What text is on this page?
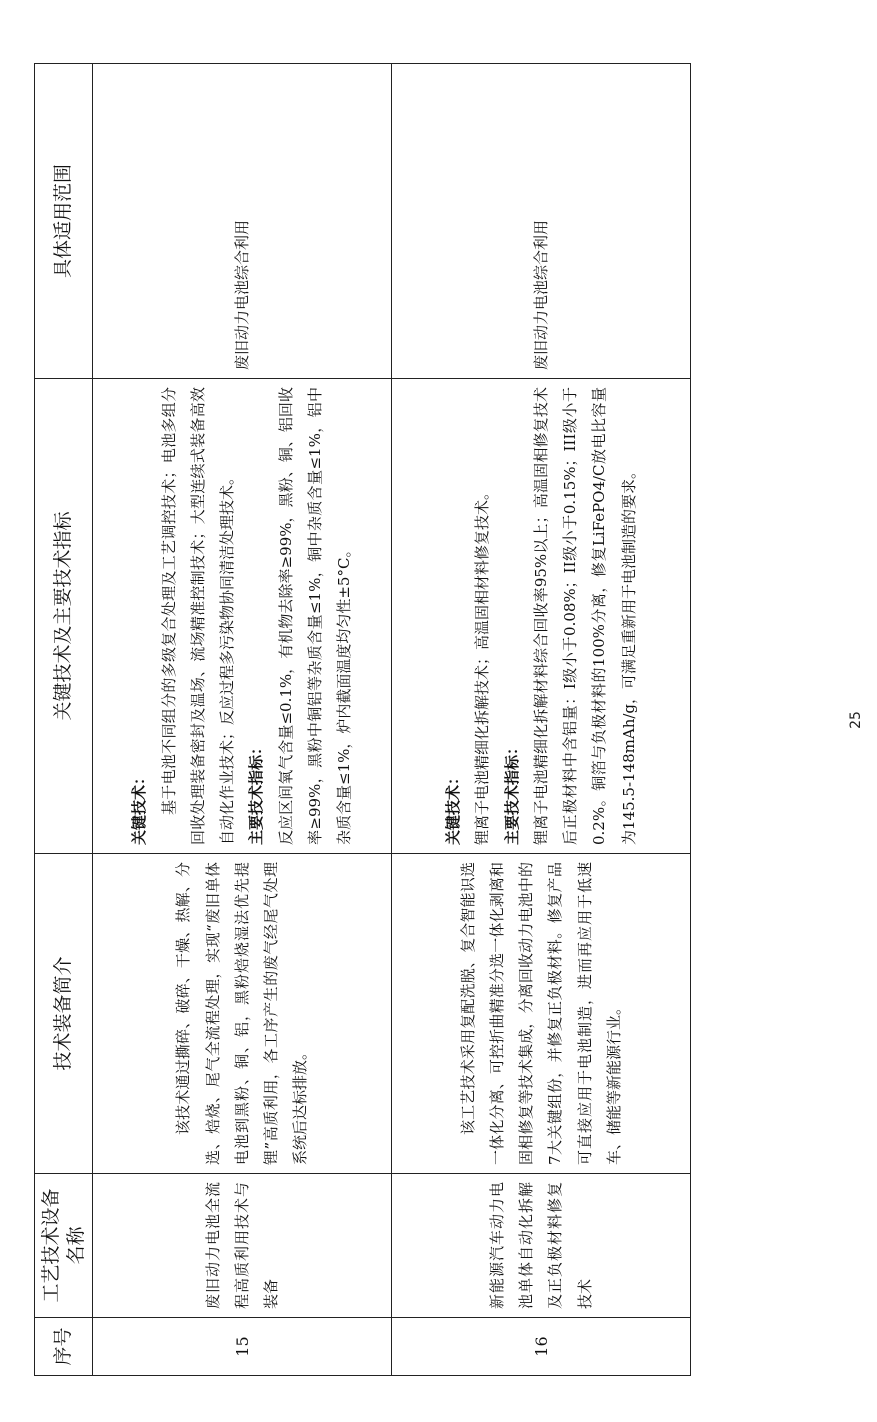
序号	工艺技术设备名称	技术装备简介	关键技术及主要技术指标	具体适用范围
15	废旧动力电池全流程高质利用技术与装备	该技术通过撕碎、破碎、干燥、热解、分选、焙烧、尾气全流程处理，实现“废旧单体电池到黑粉、铜、铝，黑粉焙烧湿法优先提锂”高质利用，各工序产生的废气经尾气处理系统后达标排放。	关键技术： 基于电池不同组分的多级复合处理及工艺调控技术；电池多组分回收处理装备密封及温场、流场精准控制技术；大型连续式装备高效自动化作业技术；反应过程多污染物协同清洁处理技术。 主要技术指标： 反应区间氧气含量≤0.1%，有机物去除率≥99%，黑粉、铜、铝回收率≥99%，黑粉中铜铝等杂质含量≤1%，铜中杂质含量≤1%，铝中杂质含量≤1%，炉内截面温度均匀性±5°C。	废旧动力电池综合利用
16	新能源汽车动力电池单体自动化拆解及正负极材料修复技术	该工艺技术采用复配洗脱、复合智能识选一体化分离、可控折曲精准分选一体化剥离和固相修复等技术集成，分离回收动力电池中的7大关键组份，并修复正负极材料。修复产品可直接应用于电池制造，进而再应用于低速车、储能等新能源行业。	关键技术： 锂离子电池精细化拆解技术；高温固相材料修复技术。 主要技术指标： 锂离子电池精细化拆解材料综合回收率95%以上；高温固相修复技术后正极材料中含铝量：I级小于0.08%；II级小于0.15%；III级小于0.2%。铜箔与负极材料的100%分离，修复LiFePO4/C放电比容量为145.5-148mAh/g，可满足重新用于电池制造的要求。	废旧动力电池综合利用
25
